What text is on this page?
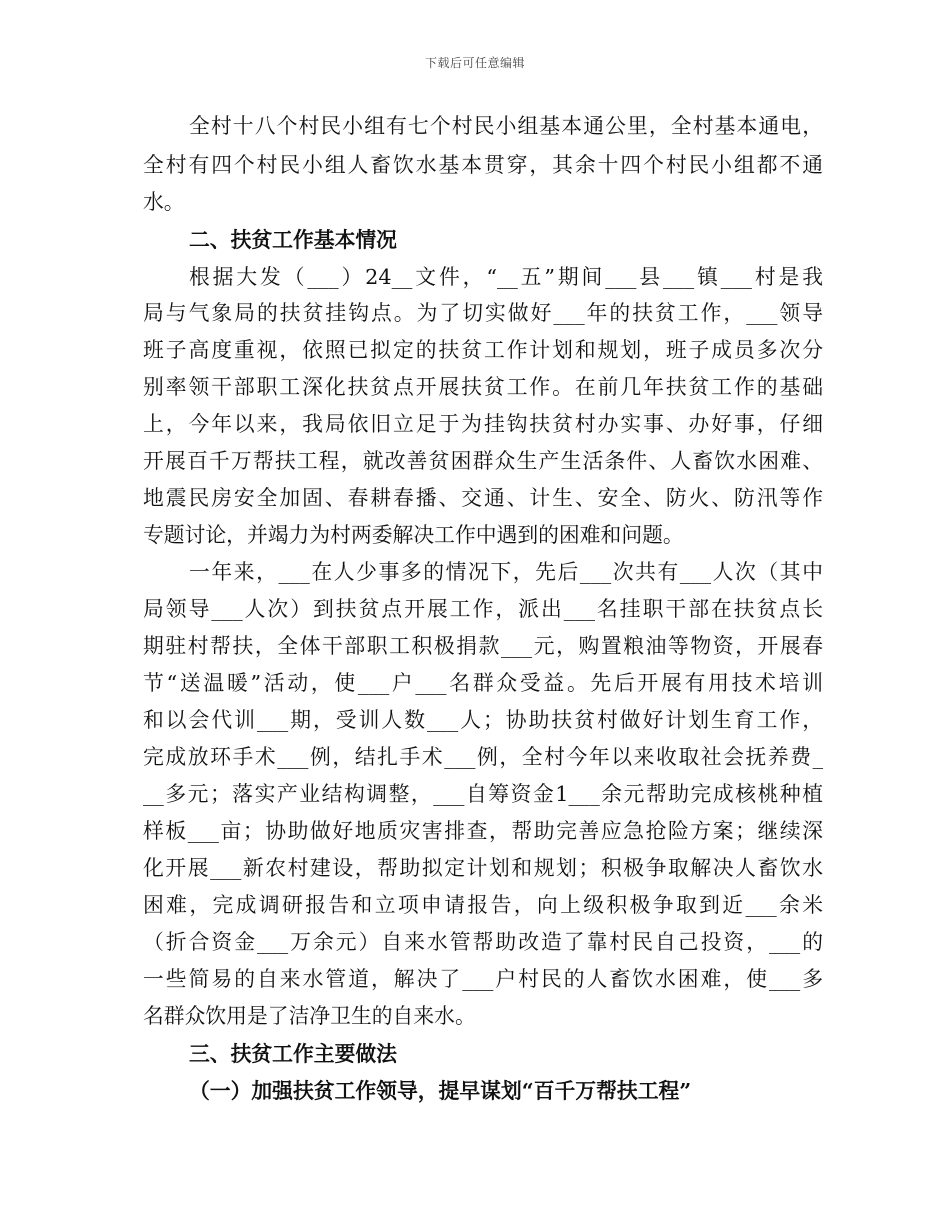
下载后可任意编辑
全村十八个村民小组有七个村民小组基本通公里，全村基本通电，
全村有四个村民小组人畜饮水基本贯穿，其余十四个村民小组都不通
水。
二、扶贫工作基本情况
根据大发（___）24__文件，“__五”期间___县___镇___村是我
局与气象局的扶贫挂钩点。为了切实做好___年的扶贫工作，___领导
班子高度重视，依照已拟定的扶贫工作计划和规划，班子成员多次分
别率领干部职工深化扶贫点开展扶贫工作。在前几年扶贫工作的基础
上，今年以来，我局依旧立足于为挂钩扶贫村办实事、办好事，仔细
开展百千万帮扶工程，就改善贫困群众生产生活条件、人畜饮水困难、
地震民房安全加固、春耕春播、交通、计生、安全、防火、防汛等作
专题讨论，并竭力为村两委解决工作中遇到的困难和问题。
一年来，___在人少事多的情况下，先后___次共有___人次（其中
局领导___人次）到扶贫点开展工作，派出___名挂职干部在扶贫点长
期驻村帮扶，全体干部职工积极捐款___元，购置粮油等物资，开展春
节“送温暖”活动，使___户___名群众受益。先后开展有用技术培训
和以会代训___期，受训人数___人；协助扶贫村做好计划生育工作，
完成放环手术___例，结扎手术___例，全村今年以来收取社会抚养费_
__多元；落实产业结构调整，___自筹资金1___余元帮助完成核桃种植
样板___亩；协助做好地质灾害排查，帮助完善应急抢险方案；继续深
化开展___新农村建设，帮助拟定计划和规划；积极争取解决人畜饮水
困难，完成调研报告和立项申请报告，向上级积极争取到近___余米
（折合资金___万余元）自来水管帮助改造了靠村民自己投资，___的
一些简易的自来水管道，解决了___户村民的人畜饮水困难，使___多
名群众饮用是了洁净卫生的自来水。
三、扶贫工作主要做法
（一）加强扶贫工作领导，提早谋划“百千万帮扶工程”
